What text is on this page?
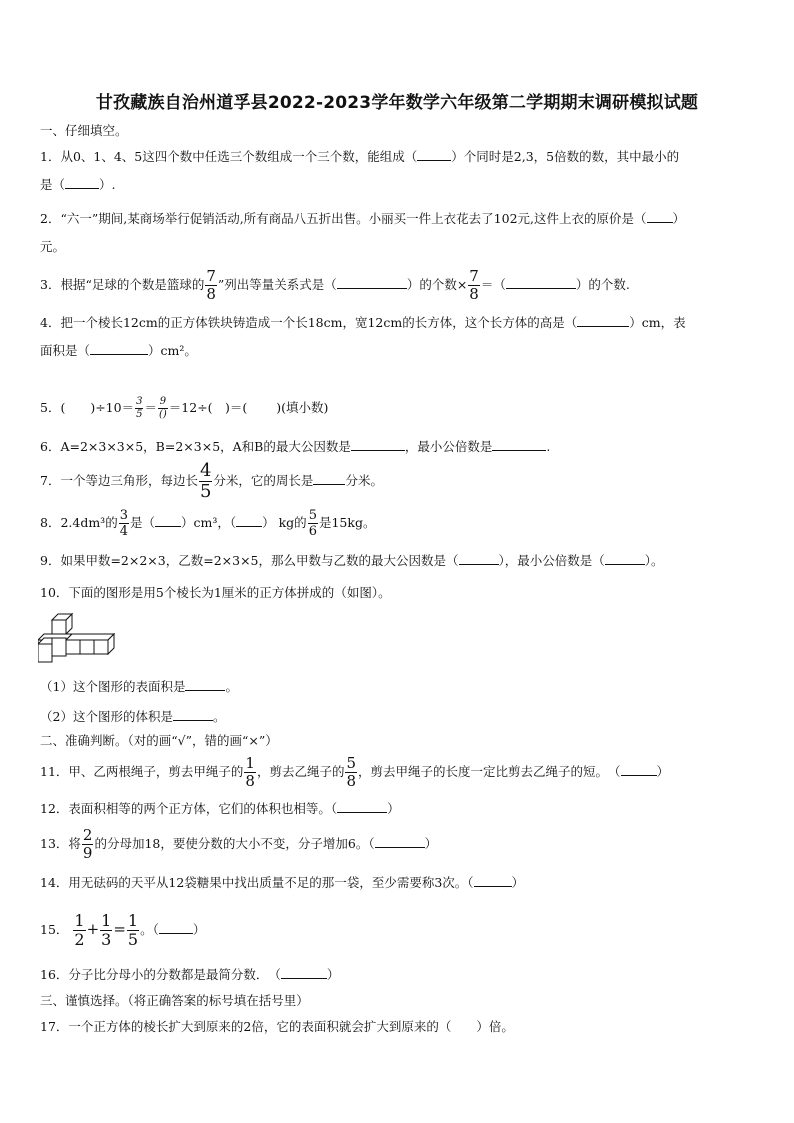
甘孜藏族自治州道孚县2022-2023学年数学六年级第二学期期末调研模拟试题
一、仔细填空。
1．从0、1、4、5这四个数中任选三个数组成一个三个数，能组成（	）个同时是2,3，5倍数的数，其中最小的
是（	）.
2．“六一”期间,某商场举行促销活动,所有商品八五折出售。小丽买一件上衣花去了102元,这件上衣的原价是（ ）
元。
3．根据“足球的个数是篮球的 $\frac{7}{8}$ ”列出等量关系式是（	）的个数× $\frac{7}{8}$ ＝（	）的个数.
4．把一个棱长12cm的正方体铁块铸造成一个长18cm，宽12cm的长方体，这个长方体的高是（	）cm，表
面积是（	）cm²。
5．(　　)$\div 10= \frac{3}{5} = \frac{9}{()} =12\div$(　)＝(　　 )(填小数)
6．A=2×3×3×5，B=2×3×5，A和B的最大公因数是	，最小公倍数是	.
7．一个等边三角形，每边长 $\frac{4}{5}$ 分米，它的周长是	分米。
8．2.4dm³的 $\frac{3}{4}$ 是（ ）cm³，（ ） kg的 $\frac{5}{6}$ 是15kg。
9．如果甲数=2×2×3，乙数=2×3×5，那么甲数与乙数的最大公因数是（	），最小公倍数是（	）。
10．下面的图形是用5个棱长为1厘米的正方体拼成的（如图）。
（1）这个图形的表面积是	。
（2）这个图形的体积是	。
二、准确判断。（对的画“√”，错的画“×”）
11．甲、乙两根绳子，剪去甲绳子的 $\frac{1}{8}$ ，剪去乙绳子的 $\frac{5}{8}$ ，剪去甲绳子的长度一定比剪去乙绳子的短。　（	）
12．表面积相等的两个正方体，它们的体积也相等。（	）
13．将 $\frac{2}{9}$ 的分母加18，要使分数的大小不变，分子增加6。（	）
14．用无砝码的天平从12袋糖果中找出质量不足的那一袋，至少需要称3次。（	）
15． $\frac{1}{2} + \frac{1}{3} = \frac{1}{5}$ 。（	）
16．分子比分母小的分数都是最简分数．　（	）
三、谨慎选择。（将正确答案的标号填在括号里）
17．一个正方体的棱长扩大到原来的2倍，它的表面积就会扩大到原来的（　　）倍。
